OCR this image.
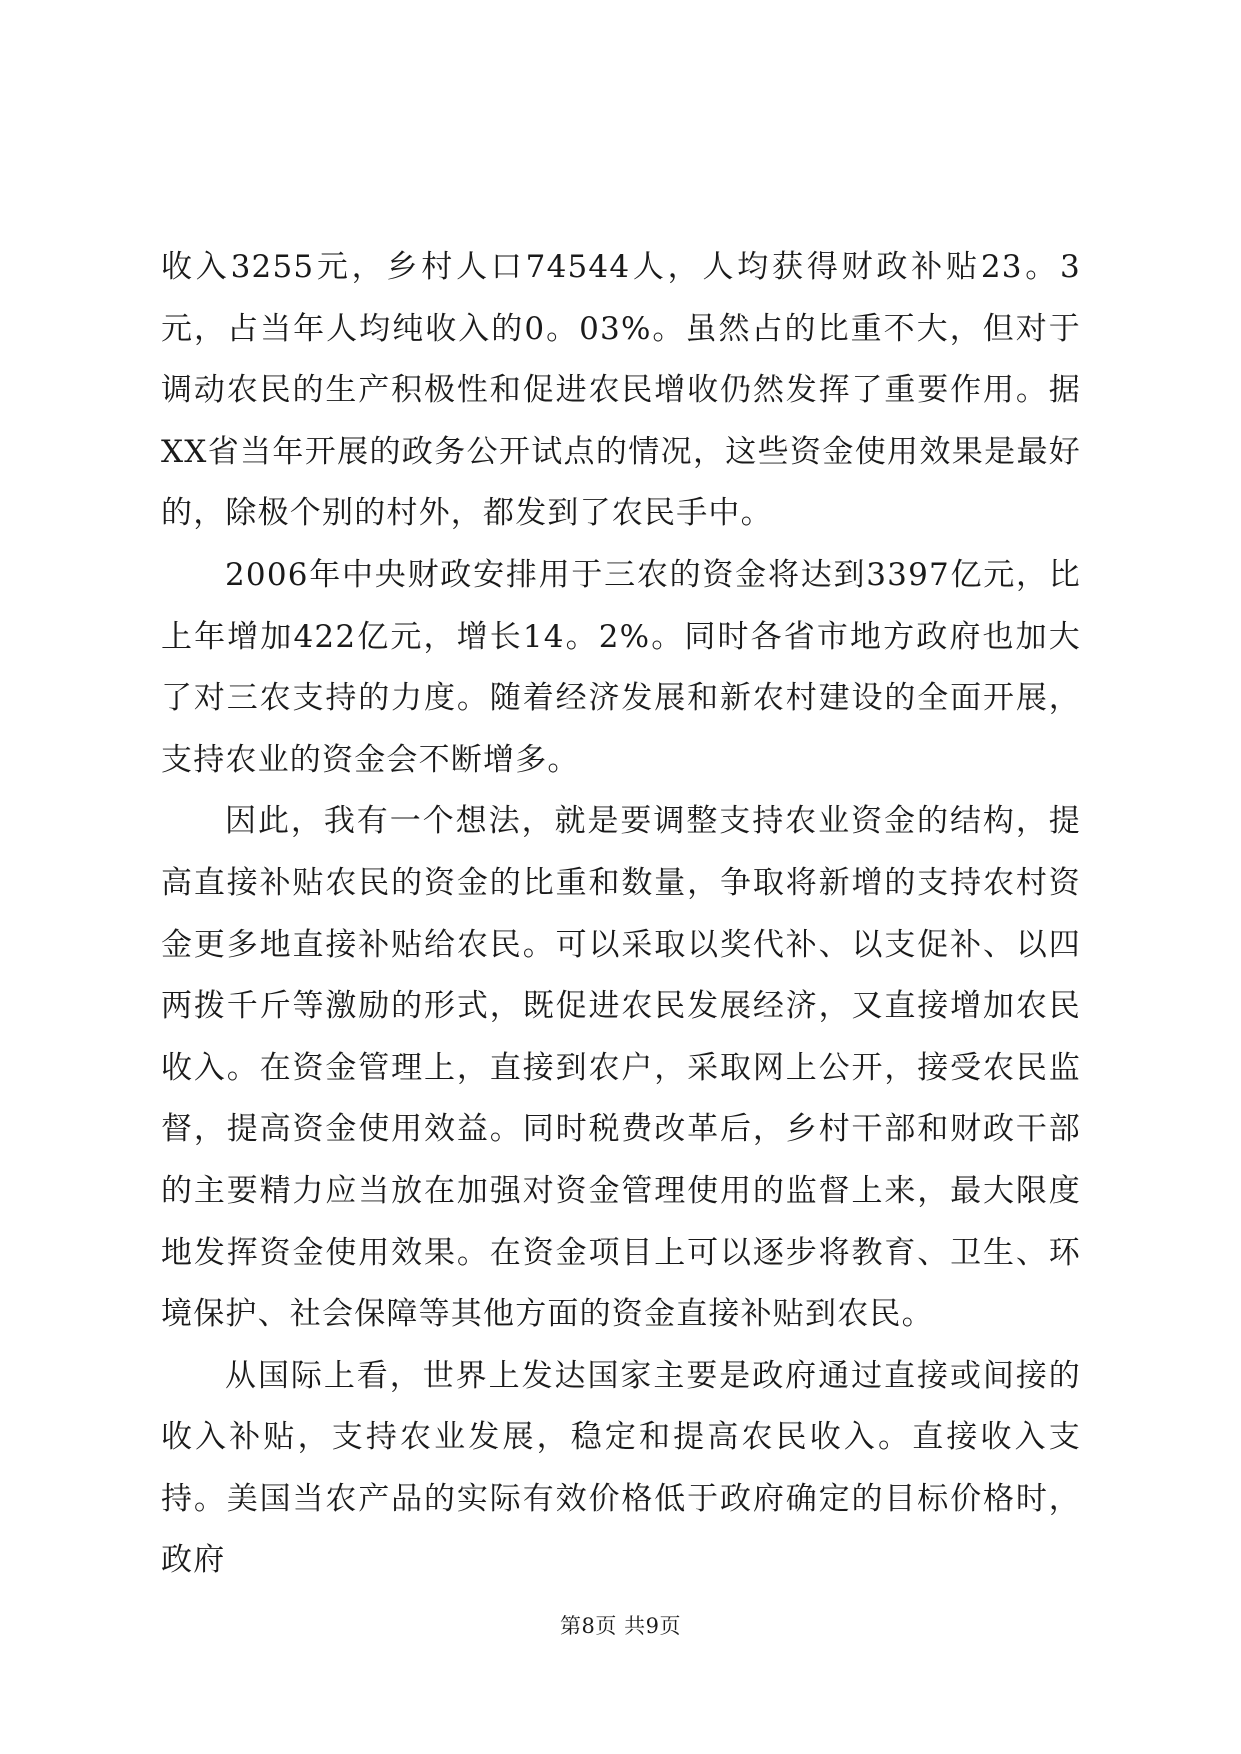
收入3255元，乡村人口74544人，人均获得财政补贴23。3元，占当年人均纯收入的0。03%。虽然占的比重不大，但对于调动农民的生产积极性和促进农民增收仍然发挥了重要作用。据XX省当年开展的政务公开试点的情况，这些资金使用效果是最好的，除极个别的村外，都发到了农民手中。

2006年中央财政安排用于三农的资金将达到3397亿元，比上年增加422亿元，增长14。2%。同时各省市地方政府也加大了对三农支持的力度。随着经济发展和新农村建设的全面开展，支持农业的资金会不断增多。

因此，我有一个想法，就是要调整支持农业资金的结构，提高直接补贴农民的资金的比重和数量，争取将新增的支持农村资金更多地直接补贴给农民。可以采取以奖代补、以支促补、以四两拨千斤等激励的形式，既促进农民发展经济，又直接增加农民收入。在资金管理上，直接到农户，采取网上公开，接受农民监督，提高资金使用效益。同时税费改革后，乡村干部和财政干部的主要精力应当放在加强对资金管理使用的监督上来，最大限度地发挥资金使用效果。在资金项目上可以逐步将教育、卫生、环境保护、社会保障等其他方面的资金直接补贴到农民。

从国际上看，世界上发达国家主要是政府通过直接或间接的收入补贴，支持农业发展，稳定和提高农民收入。直接收入支持。美国当农产品的实际有效价格低于政府确定的目标价格时，政府

第8页 共9页
